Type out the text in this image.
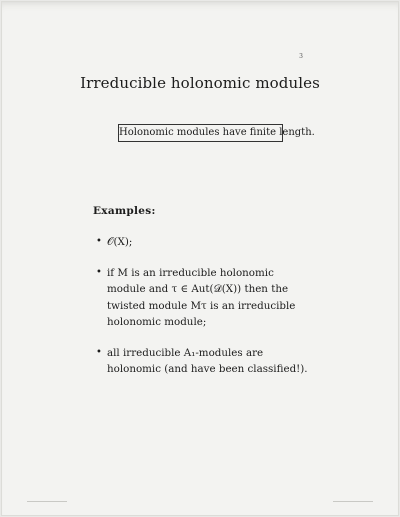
3
Irreducible holonomic modules
Holonomic modules have finite length.
Examples:
• 𝒪(X);
• if M is an irreducible holonomic module and τ ∈ Aut(𝒟(X)) then the twisted module Mτ is an irreducible holonomic module;
• all irreducible A₁-modules are holonomic (and have been classified!).
